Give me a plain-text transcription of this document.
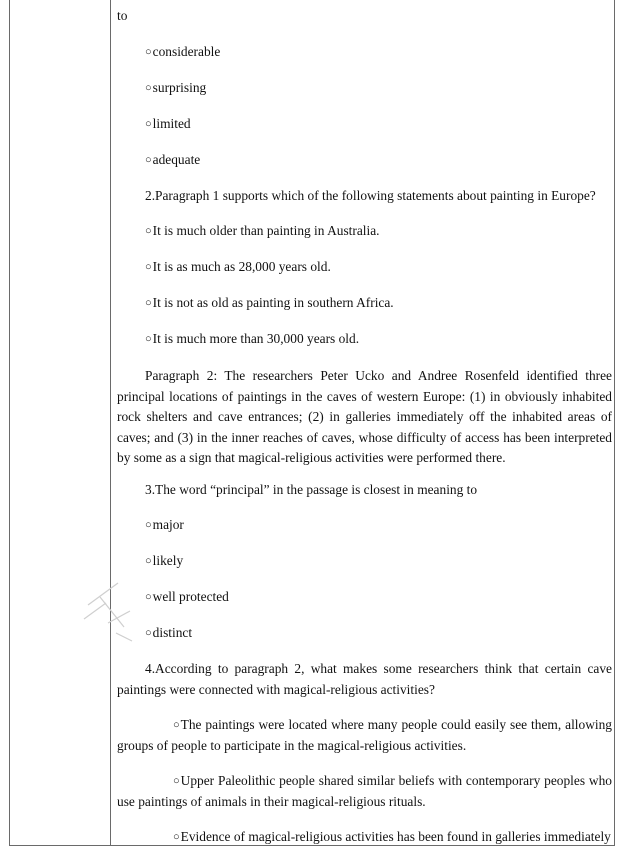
to
○considerable
○surprising
○limited
○adequate
2.Paragraph 1 supports which of the following statements about painting in Europe?
○It is much older than painting in Australia.
○It is as much as 28,000 years old.
○It is not as old as painting in southern Africa.
○It is much more than 30,000 years old.
Paragraph 2: The researchers Peter Ucko and Andree Rosenfeld identified three principal locations of paintings in the caves of western Europe: (1) in obviously inhabited rock shelters and cave entrances; (2) in galleries immediately off the inhabited areas of caves; and (3) in the inner reaches of caves, whose difficulty of access has been interpreted by some as a sign that magical-religious activities were performed there.
3.The word “principal” in the passage is closest in meaning to
○major
○likely
○well protected
○distinct
4.According to paragraph 2, what makes some researchers think that certain cave paintings were connected with magical-religious activities?
○The paintings were located where many people could easily see them, allowing groups of people to participate in the magical-religious activities.
○Upper Paleolithic people shared similar beliefs with contemporary peoples who use paintings of animals in their magical-religious rituals.
○Evidence of magical-religious activities has been found in galleries immediately
